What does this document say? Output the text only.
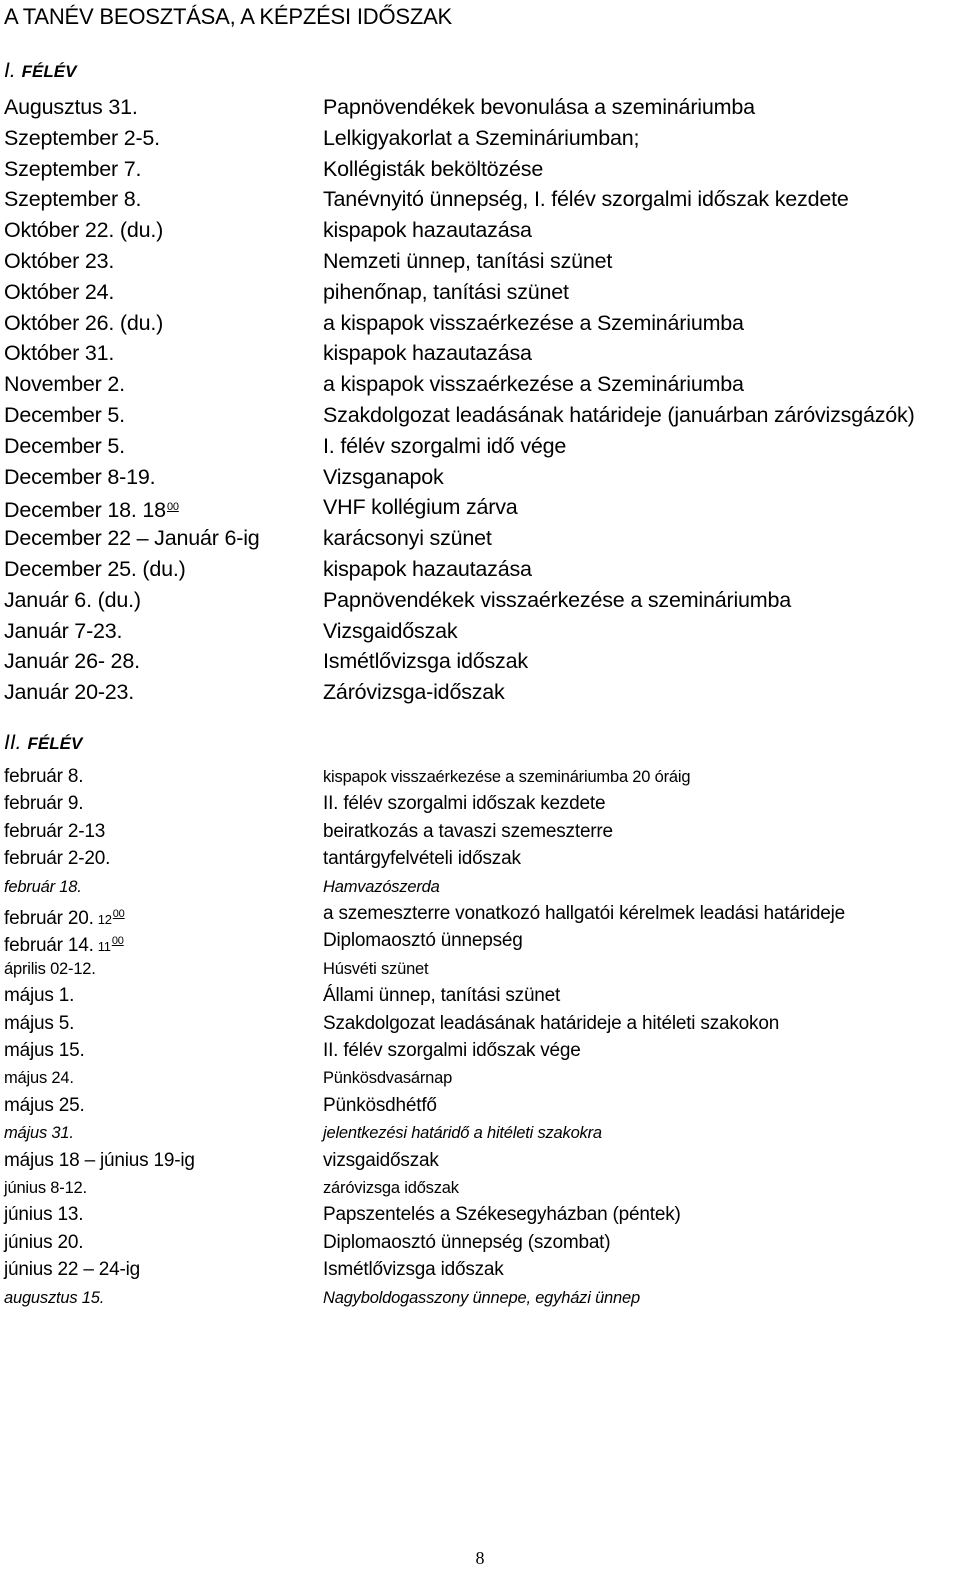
A TANÉV BEOSZTÁSA, A KÉPZÉSI IDŐSZAK
I. FÉLÉV
Augusztus 31.	Papnövendékek bevonulása a szemináriumba
Szeptember 2-5.	Lelkigyakorlat a Szemináriumban;
Szeptember 7.	Kollégisták beköltözése
Szeptember 8.	Tanévnyitó ünnepség, I. félév szorgalmi időszak kezdete
Október 22. (du.)	kispapok hazautazása
Október 23.	Nemzeti ünnep, tanítási szünet
Október 24.	pihenőnap, tanítási szünet
Október 26. (du.)	a kispapok visszaérkezése a Szemináriumba
Október 31.	kispapok hazautazása
November 2.	a kispapok visszaérkezése a Szemináriumba
December 5.	Szakdolgozat leadásának határideje (januárban záróvizsgázók)
December 5.	I. félév szorgalmi idő vége
December 8-19.	Vizsganapok
December 18. $18^{00}$	VHF kollégium zárva
December 22 – Január 6-ig	karácsonyi szünet
December 25. (du.)	kispapok hazautazása
Január 6. (du.)	Papnövendékek visszaérkezése a szemináriumba
Január 7-23.	Vizsgaidőszak
Január 26- 28.	Ismétlővizsga időszak
Január 20-23.	Záróvizsga-időszak
II. FÉLÉV
február 8.	kispapok visszaérkezése a szemináriumba 20 óráig
február 9.	II. félév szorgalmi időszak kezdete
február 2-13	beiratkozás a tavaszi szemeszterre
február 2-20.	tantárgyfelvételi időszak
február 18.	Hamvazószerda
február 20. $12^{00}$	a szemeszterre vonatkozó hallgatói kérelmek leadási határideje
február 14. $11^{00}$	Diplomaosztó ünnepség
április 02-12.	Húsvéti szünet
május 1.	Állami ünnep, tanítási szünet
május 5.	Szakdolgozat leadásának határideje a hitéleti szakokon
május 15.	II. félév szorgalmi időszak vége
május 24.	Pünkösdvasárnap
május 25.	Pünkösdhétfő
május 31.	jelentkezési határidő a hitéleti szakokra
május 18 – június 19-ig	vizsgaidőszak
június 8-12.	záróvizsga időszak
június 13.	Papszentelés a Székesegyházban (péntek)
június 20.	Diplomaosztó ünnepség (szombat)
június 22 – 24-ig	Ismétlővizsga időszak
augusztus 15.	Nagyboldogasszony ünnepe, egyházi ünnep
8
